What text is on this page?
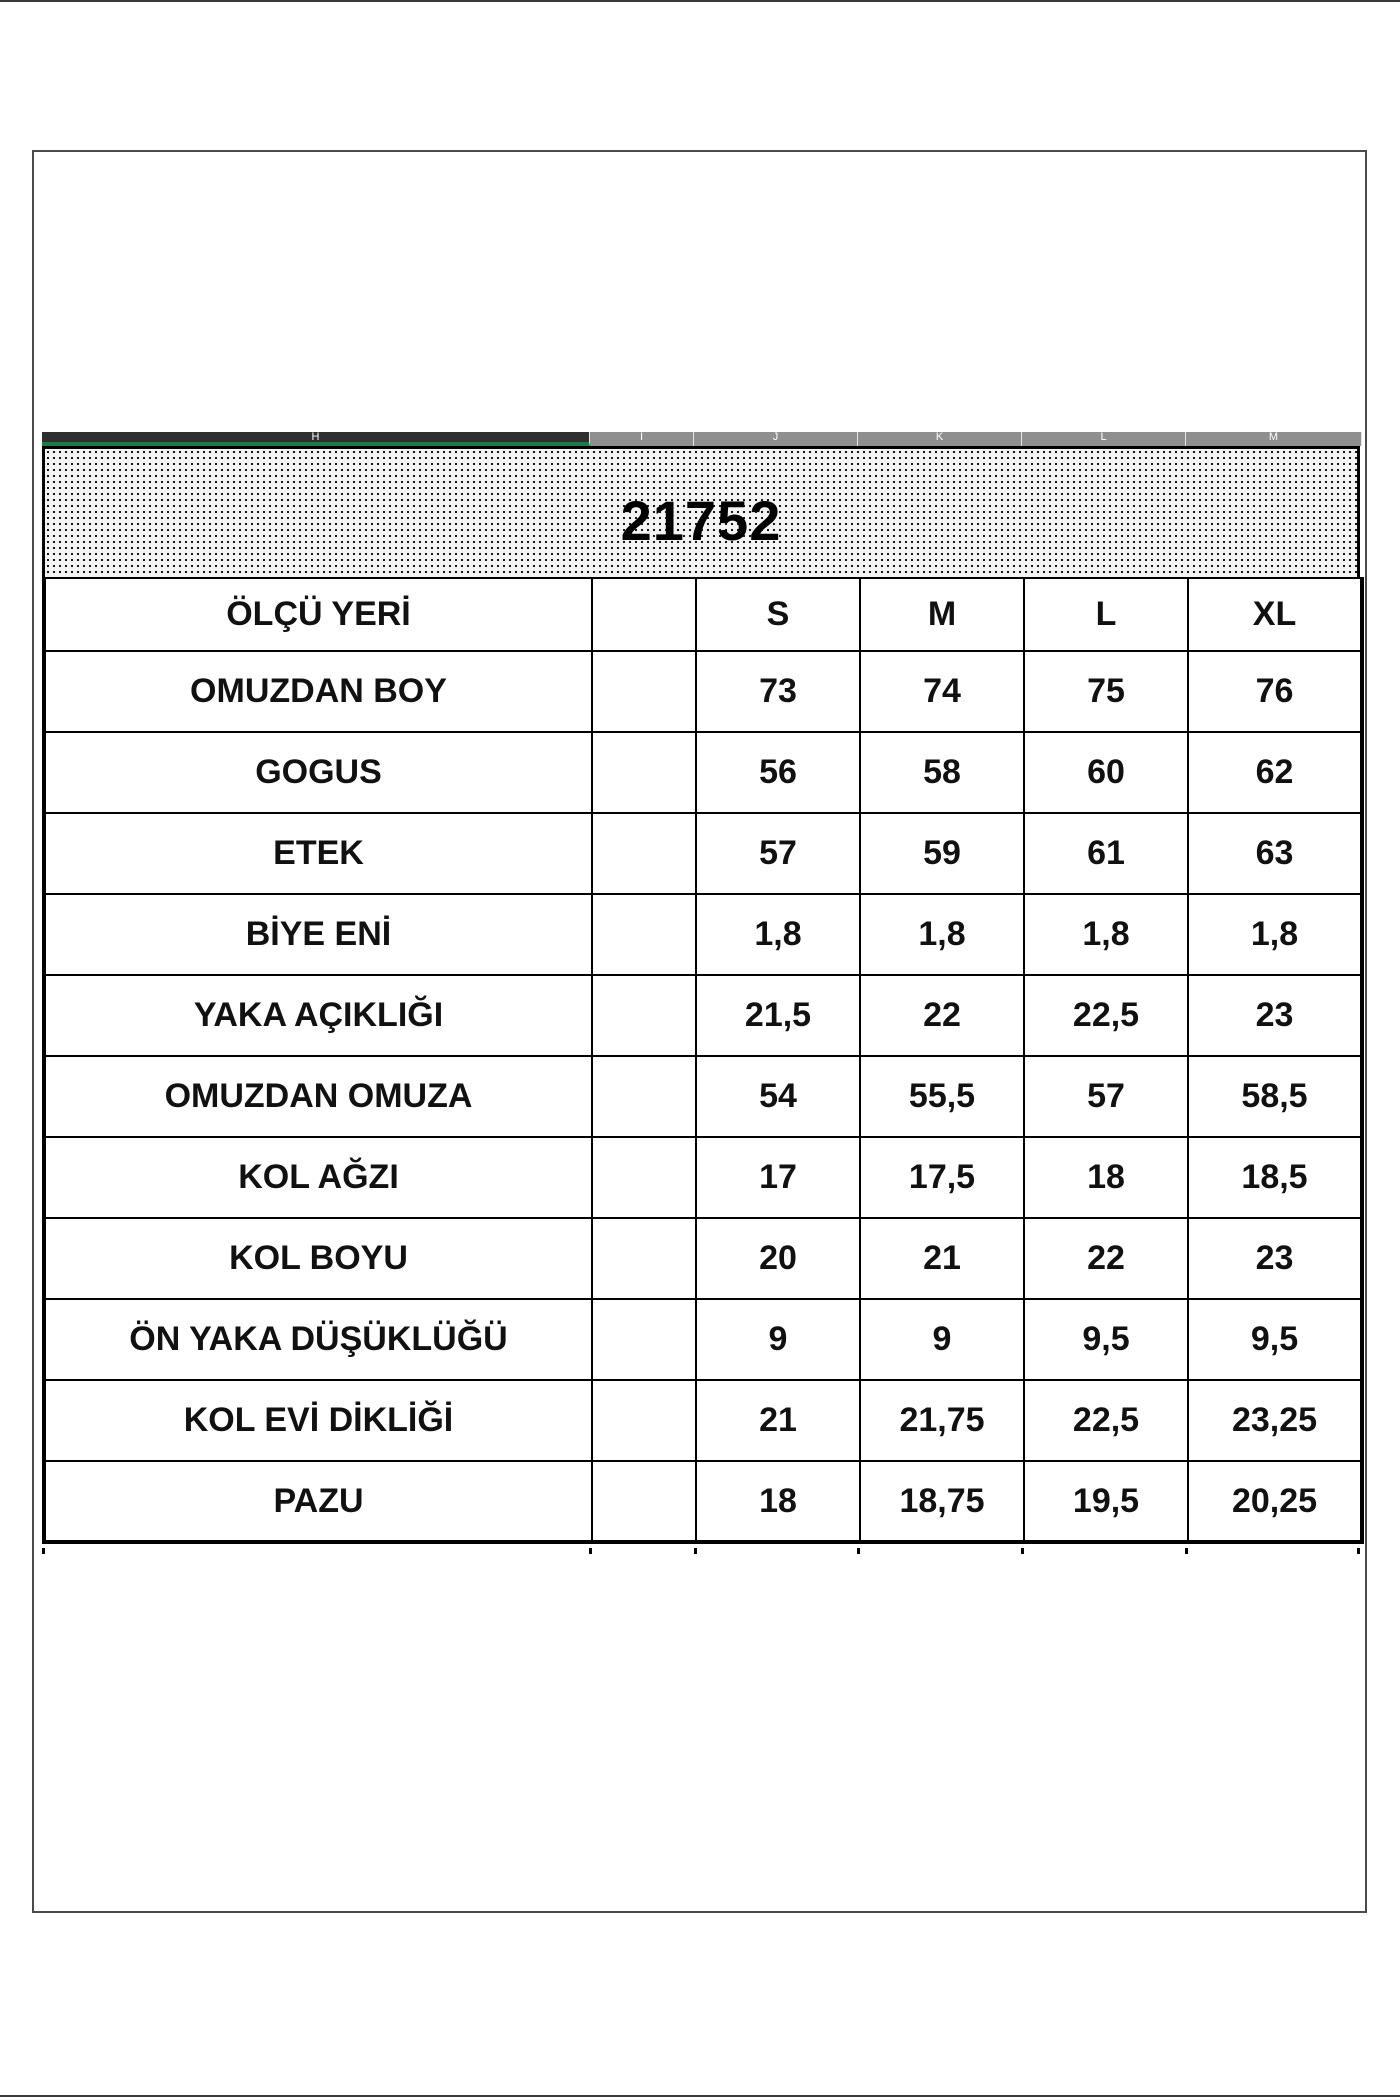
H	I	J	K	L	M
21752
ÖLÇÜ YERİ		S	M	L	XL
OMUZDAN BOY		73	74	75	76
GOGUS		56	58	60	62
ETEK		57	59	61	63
BİYE ENİ		1,8	1,8	1,8	1,8
YAKA AÇIKLIĞI		21,5	22	22,5	23
OMUZDAN OMUZA		54	55,5	57	58,5
KOL AĞZI		17	17,5	18	18,5
KOL BOYU		20	21	22	23
ÖN YAKA DÜŞÜKLÜĞÜ		9	9	9,5	9,5
KOL EVİ DİKLİĞİ		21	21,75	22,5	23,25
PAZU		18	18,75	19,5	20,25
